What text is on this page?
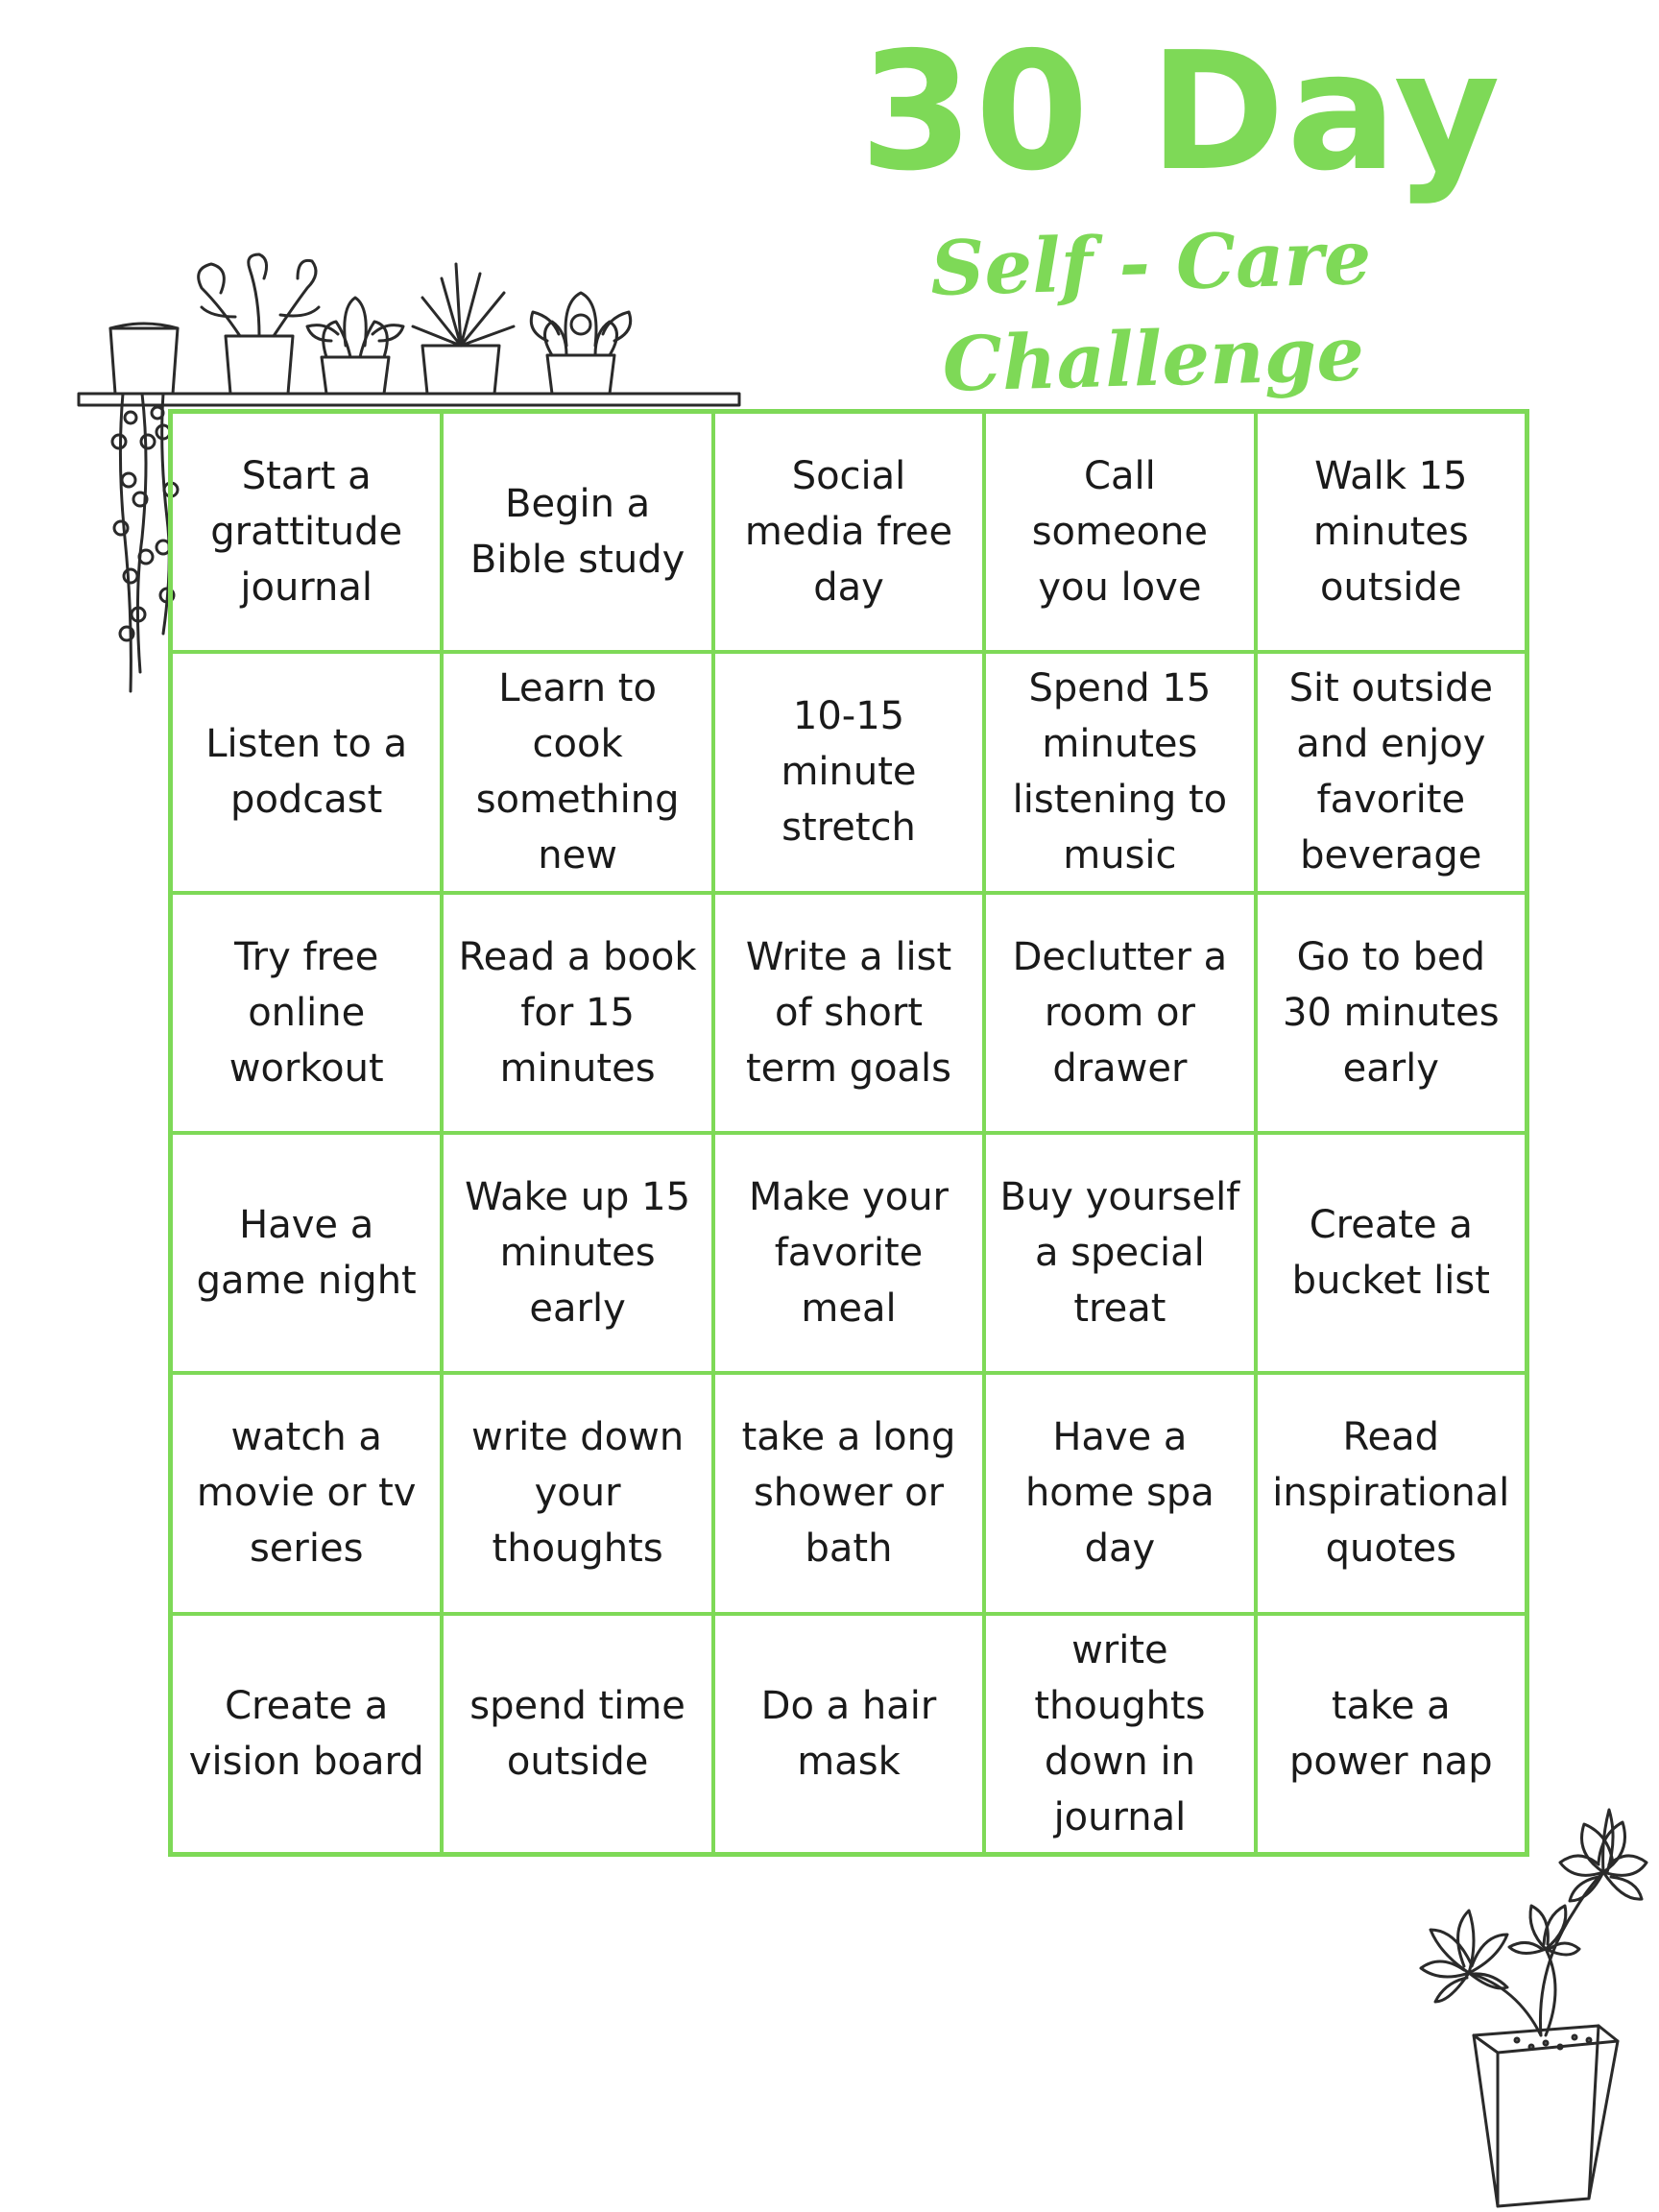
30 Day
Self - Care Challenge
Start a grattitude journal
Begin a Bible study
Social media free day
Call someone you love
Walk 15 minutes outside
Listen to a podcast
Learn to cook something new
10-15 minute stretch
Spend 15 minutes listening to music
Sit outside and enjoy favorite beverage
Try free online workout
Read a book for 15 minutes
Write a list of short term goals
Declutter a room or drawer
Go to bed 30 minutes early
Have a game night
Wake up 15 minutes early
Make your favorite meal
Buy yourself a special treat
Create a bucket list
watch a movie or tv series
write down your thoughts
take a long shower or bath
Have a home spa day
Read inspirational quotes
Create a vision board
spend time outside
Do a hair mask
write thoughts down in journal
take a power nap
